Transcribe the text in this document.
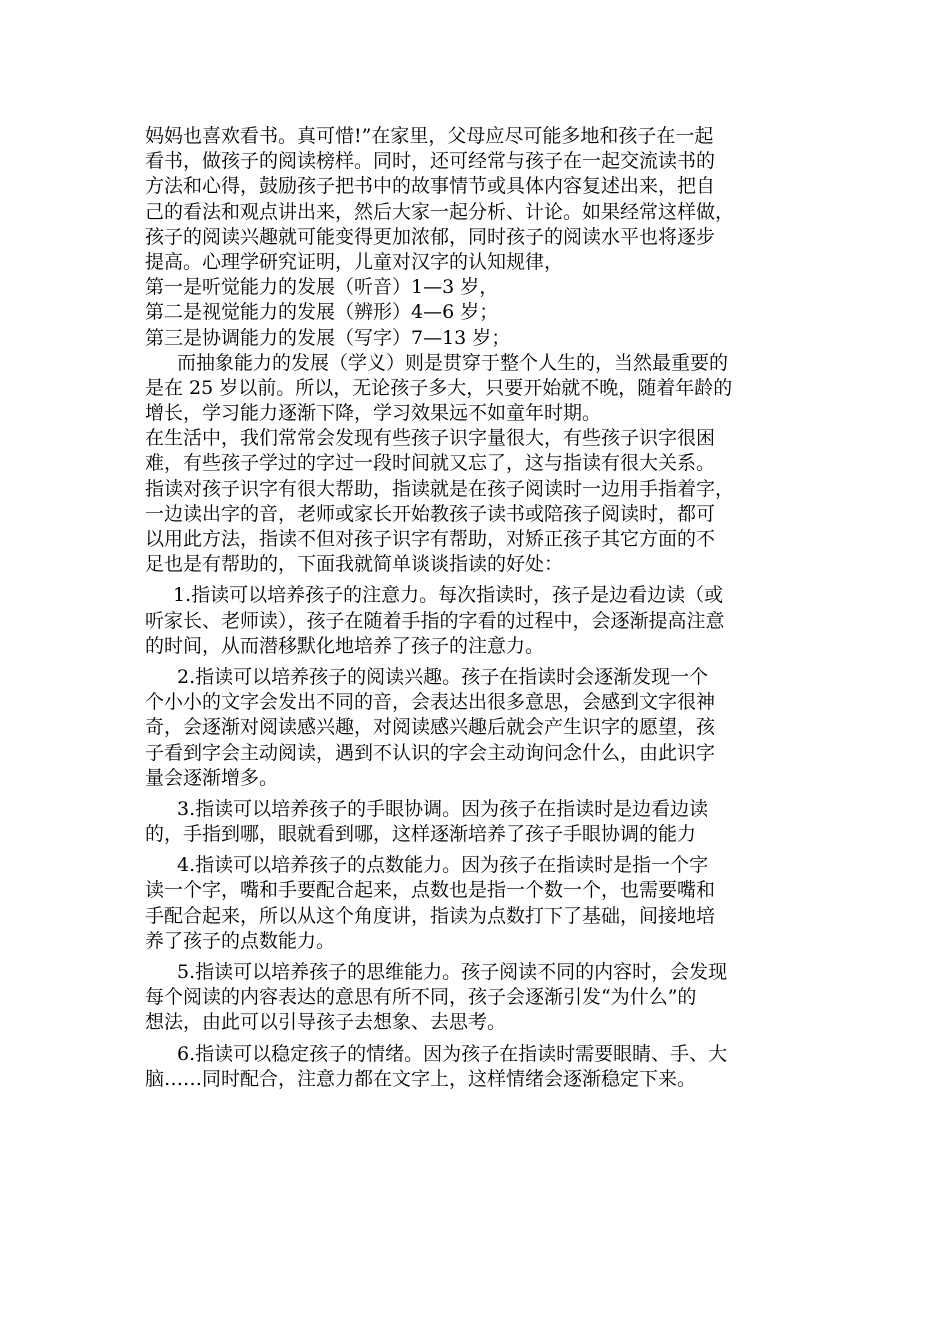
妈妈也喜欢看书。真可惜!”在家里，父母应尽可能多地和孩子在一起
看书，做孩子的阅读榜样。同时，还可经常与孩子在一起交流读书的
方法和心得，鼓励孩子把书中的故事情节或具体内容复述出来，把自
己的看法和观点讲出来，然后大家一起分析、计论。如果经常这样做，
孩子的阅读兴趣就可能变得更加浓郁，同时孩子的阅读水平也将逐步
提高。心理学研究证明，儿童对汉字的认知规律，
第一是听觉能力的发展（听音）1—3 岁，
第二是视觉能力的发展（辨形）4—6 岁；
第三是协调能力的发展（写字）7—13 岁；
而抽象能力的发展（学义）则是贯穿于整个人生的，当然最重要的
是在 25 岁以前。所以，无论孩子多大，只要开始就不晚，随着年龄的
增长，学习能力逐渐下降，学习效果远不如童年时期。
在生活中，我们常常会发现有些孩子识字量很大，有些孩子识字很困
难，有些孩子学过的字过一段时间就又忘了，这与指读有很大关系。
指读对孩子识字有很大帮助，指读就是在孩子阅读时一边用手指着字，
一边读出字的音，老师或家长开始教孩子读书或陪孩子阅读时，都可
以用此方法，指读不但对孩子识字有帮助，对矫正孩子其它方面的不
足也是有帮助的，下面我就简单谈谈指读的好处：
1.指读可以培养孩子的注意力。每次指读时，孩子是边看边读（或
听家长、老师读），孩子在随着手指的字看的过程中，会逐渐提高注意
的时间，从而潜移默化地培养了孩子的注意力。
2.指读可以培养孩子的阅读兴趣。孩子在指读时会逐渐发现一个
个小小的文字会发出不同的音，会表达出很多意思，会感到文字很神
奇，会逐渐对阅读感兴趣，对阅读感兴趣后就会产生识字的愿望，孩
子看到字会主动阅读，遇到不认识的字会主动询问念什么，由此识字
量会逐渐增多。
3.指读可以培养孩子的手眼协调。因为孩子在指读时是边看边读
的，手指到哪，眼就看到哪，这样逐渐培养了孩子手眼协调的能力
4.指读可以培养孩子的点数能力。因为孩子在指读时是指一个字
读一个字，嘴和手要配合起来，点数也是指一个数一个，也需要嘴和
手配合起来，所以从这个角度讲，指读为点数打下了基础，间接地培
养了孩子的点数能力。
5.指读可以培养孩子的思维能力。孩子阅读不同的内容时，会发现
每个阅读的内容表达的意思有所不同，孩子会逐渐引发“为什么”的
想法，由此可以引导孩子去想象、去思考。
6.指读可以稳定孩子的情绪。因为孩子在指读时需要眼睛、手、大
脑……同时配合，注意力都在文字上，这样情绪会逐渐稳定下来。
